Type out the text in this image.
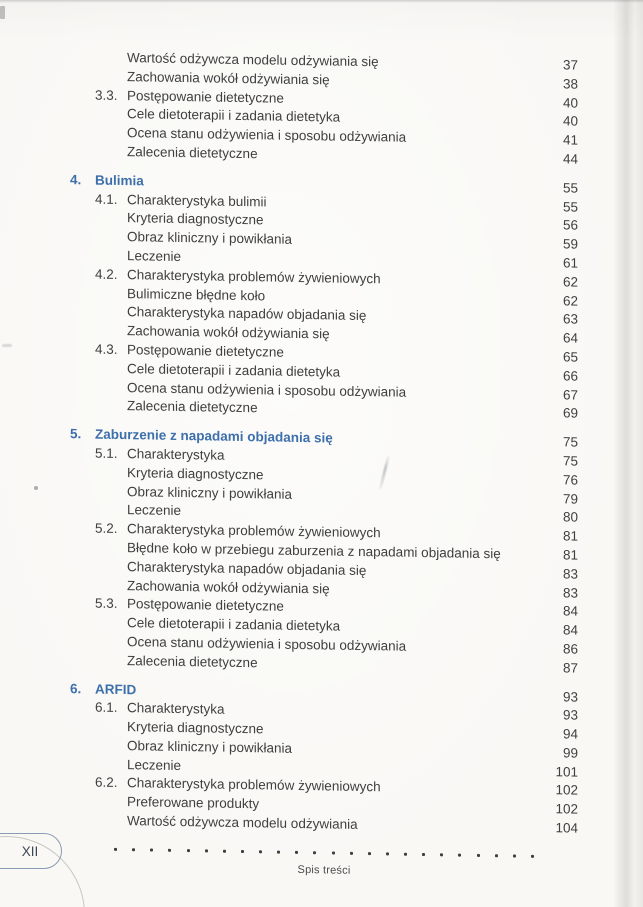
Wartość odżywcza modelu odżywiania się	37
Zachowania wokół odżywiania się	38
3.3. Postępowanie dietetyczne	40
Cele dietoterapii i zadania dietetyka	40
Ocena stanu odżywienia i sposobu odżywiania	41
Zalecenia dietetyczne	44
4.	Bulimia	55
4.1. Charakterystyka bulimii	55
Kryteria diagnostyczne	56
Obraz kliniczny i powikłania	59
Leczenie	61
4.2. Charakterystyka problemów żywieniowych	62
Bulimiczne błędne koło	62
Charakterystyka napadów objadania się	63
Zachowania wokół odżywiania się	64
4.3. Postępowanie dietetyczne	65
Cele dietoterapii i zadania dietetyka	66
Ocena stanu odżywienia i sposobu odżywiania	67
Zalecenia dietetyczne	69
5.	Zaburzenie z napadami objadania się	75
5.1. Charakterystyka	75
Kryteria diagnostyczne	76
Obraz kliniczny i powikłania	79
Leczenie	80
5.2. Charakterystyka problemów żywieniowych	81
Błędne koło w przebiegu zaburzenia z napadami objadania się	81
Charakterystyka napadów objadania się	83
Zachowania wokół odżywiania się	83
5.3. Postępowanie dietetyczne	84
Cele dietoterapii i zadania dietetyka	84
Ocena stanu odżywienia i sposobu odżywiania	86
Zalecenia dietetyczne	87
6.	ARFID	93
6.1. Charakterystyka	93
Kryteria diagnostyczne	94
Obraz kliniczny i powikłania	99
Leczenie	101
6.2. Charakterystyka problemów żywieniowych	102
Preferowane produkty	102
Wartość odżywcza modelu odżywiania	104
Spis treści
XII
